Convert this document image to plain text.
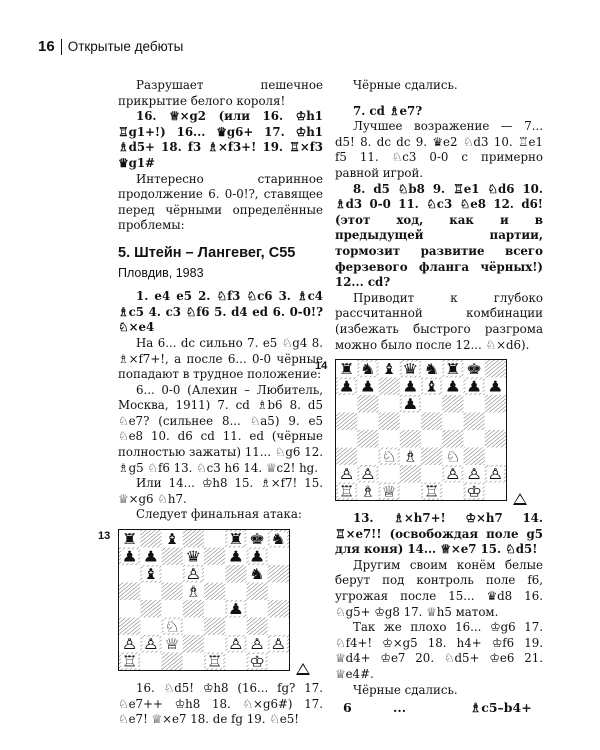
16 Открытые дебюты

Разрушает пешечное прикрытие белого короля!

16. ♕×g2 (или 16. ♔h1 ♖g1+!) 16... ♛g6+ 17. ♔h1 ♗d5+ 18. f3 ♗×f3+! 19. ♖×f3 ♛g1#

Интересно старинное продолжение 6. 0-0!?, ставящее перед чёрными определённые проблемы:

5. Штейн – Лангевег, C55

Пловдив, 1983

1. e4 e5 2. ♘f3 ♘c6 3. ♗c4 ♗c5 4. c3 ♘f6 5. d4 ed 6. 0-0!? ♘×e4

На 6... dc сильно 7. e5 ♘g4 8. ♗×f7+!, а после 6... 0-0 чёрные попадают в трудное положение:

6... 0-0 (Алехин – Любитель, Москва, 1911) 7. cd ♗b6 8. d5 ♘e7? (сильнее 8... ♘a5) 9. e5 ♘e8 10. d6 cd 11. ed (чёрные полностью зажаты) 11... ♘g6 12. ♗g5 ♘f6 13. ♘c3 h6 14. ♕c2! hg.

Или 14... ♔h8 15. ♗×f7! 15. ♕×g6 ♘h7.

Следует финальная атака:

13 ♜ ♝	♜ ♚ ♞
♟ ♟ ♛ ♟ ♟
♝ ♙	♞
♟
♘
♙ ♙ ♕	♙ ♙ ♙
♖	♖ ♔
♗

16. ♘d5! ♔h8 (16... fg? 17. ♘e7++ ♔h8 18. ♘×g6#) 17. ♘e7! ♕×e7 18. de fg 19. ♘e5!

Чёрные сдались.

7. cd ♗e7?

Лучшее возражение — 7... d5! 8. dc dc 9. ♛e2 ♘d3 10. ♖e1 f5 11. ♘c3 0-0 с примерно равной игрой.

8. d5 ♘b8 9. ♖e1 ♘d6 10. ♗d3 0-0 11. ♘c3 ♘e8 12. d6! (этот ход, как и в предыдущей партии, тормозит развитие всего ферзевого фланга чёрных!) 12... cd?

Приводит к глубоко рассчитанной комбинации (избежать быстрого разгрома можно было после 12... ♘×d6).

14 ♜ ♞ ♝ ♛ ♞ ♜ ♚
♟ ♟ ♟ ♝ ♟ ♟ ♟
♟
♘ ♗ ♘
♙ ♙	♙ ♙ ♙
♖ ♗ ♕ ♖ ♔

13. ♗×h7+! ♔×h7 14. ♖×e7!! (освобождая поле g5 для коня) 14... ♕×e7 15. ♘d5!

Другим своим конём белые берут под контроль поле f6, угрожая после 15... ♛d8 16. ♘g5+ ♔g8 17. ♕h5 матом.

Так же плохо 16... ♔g6 17. ♘f4+! ♔×g5 18. h4+ ♔f6 19. ♕d4+ ♔e7 20. ♘d5+ ♔e6 21. ♕e4#.

Чёрные сдались.

6	...	♗c5–b4+
